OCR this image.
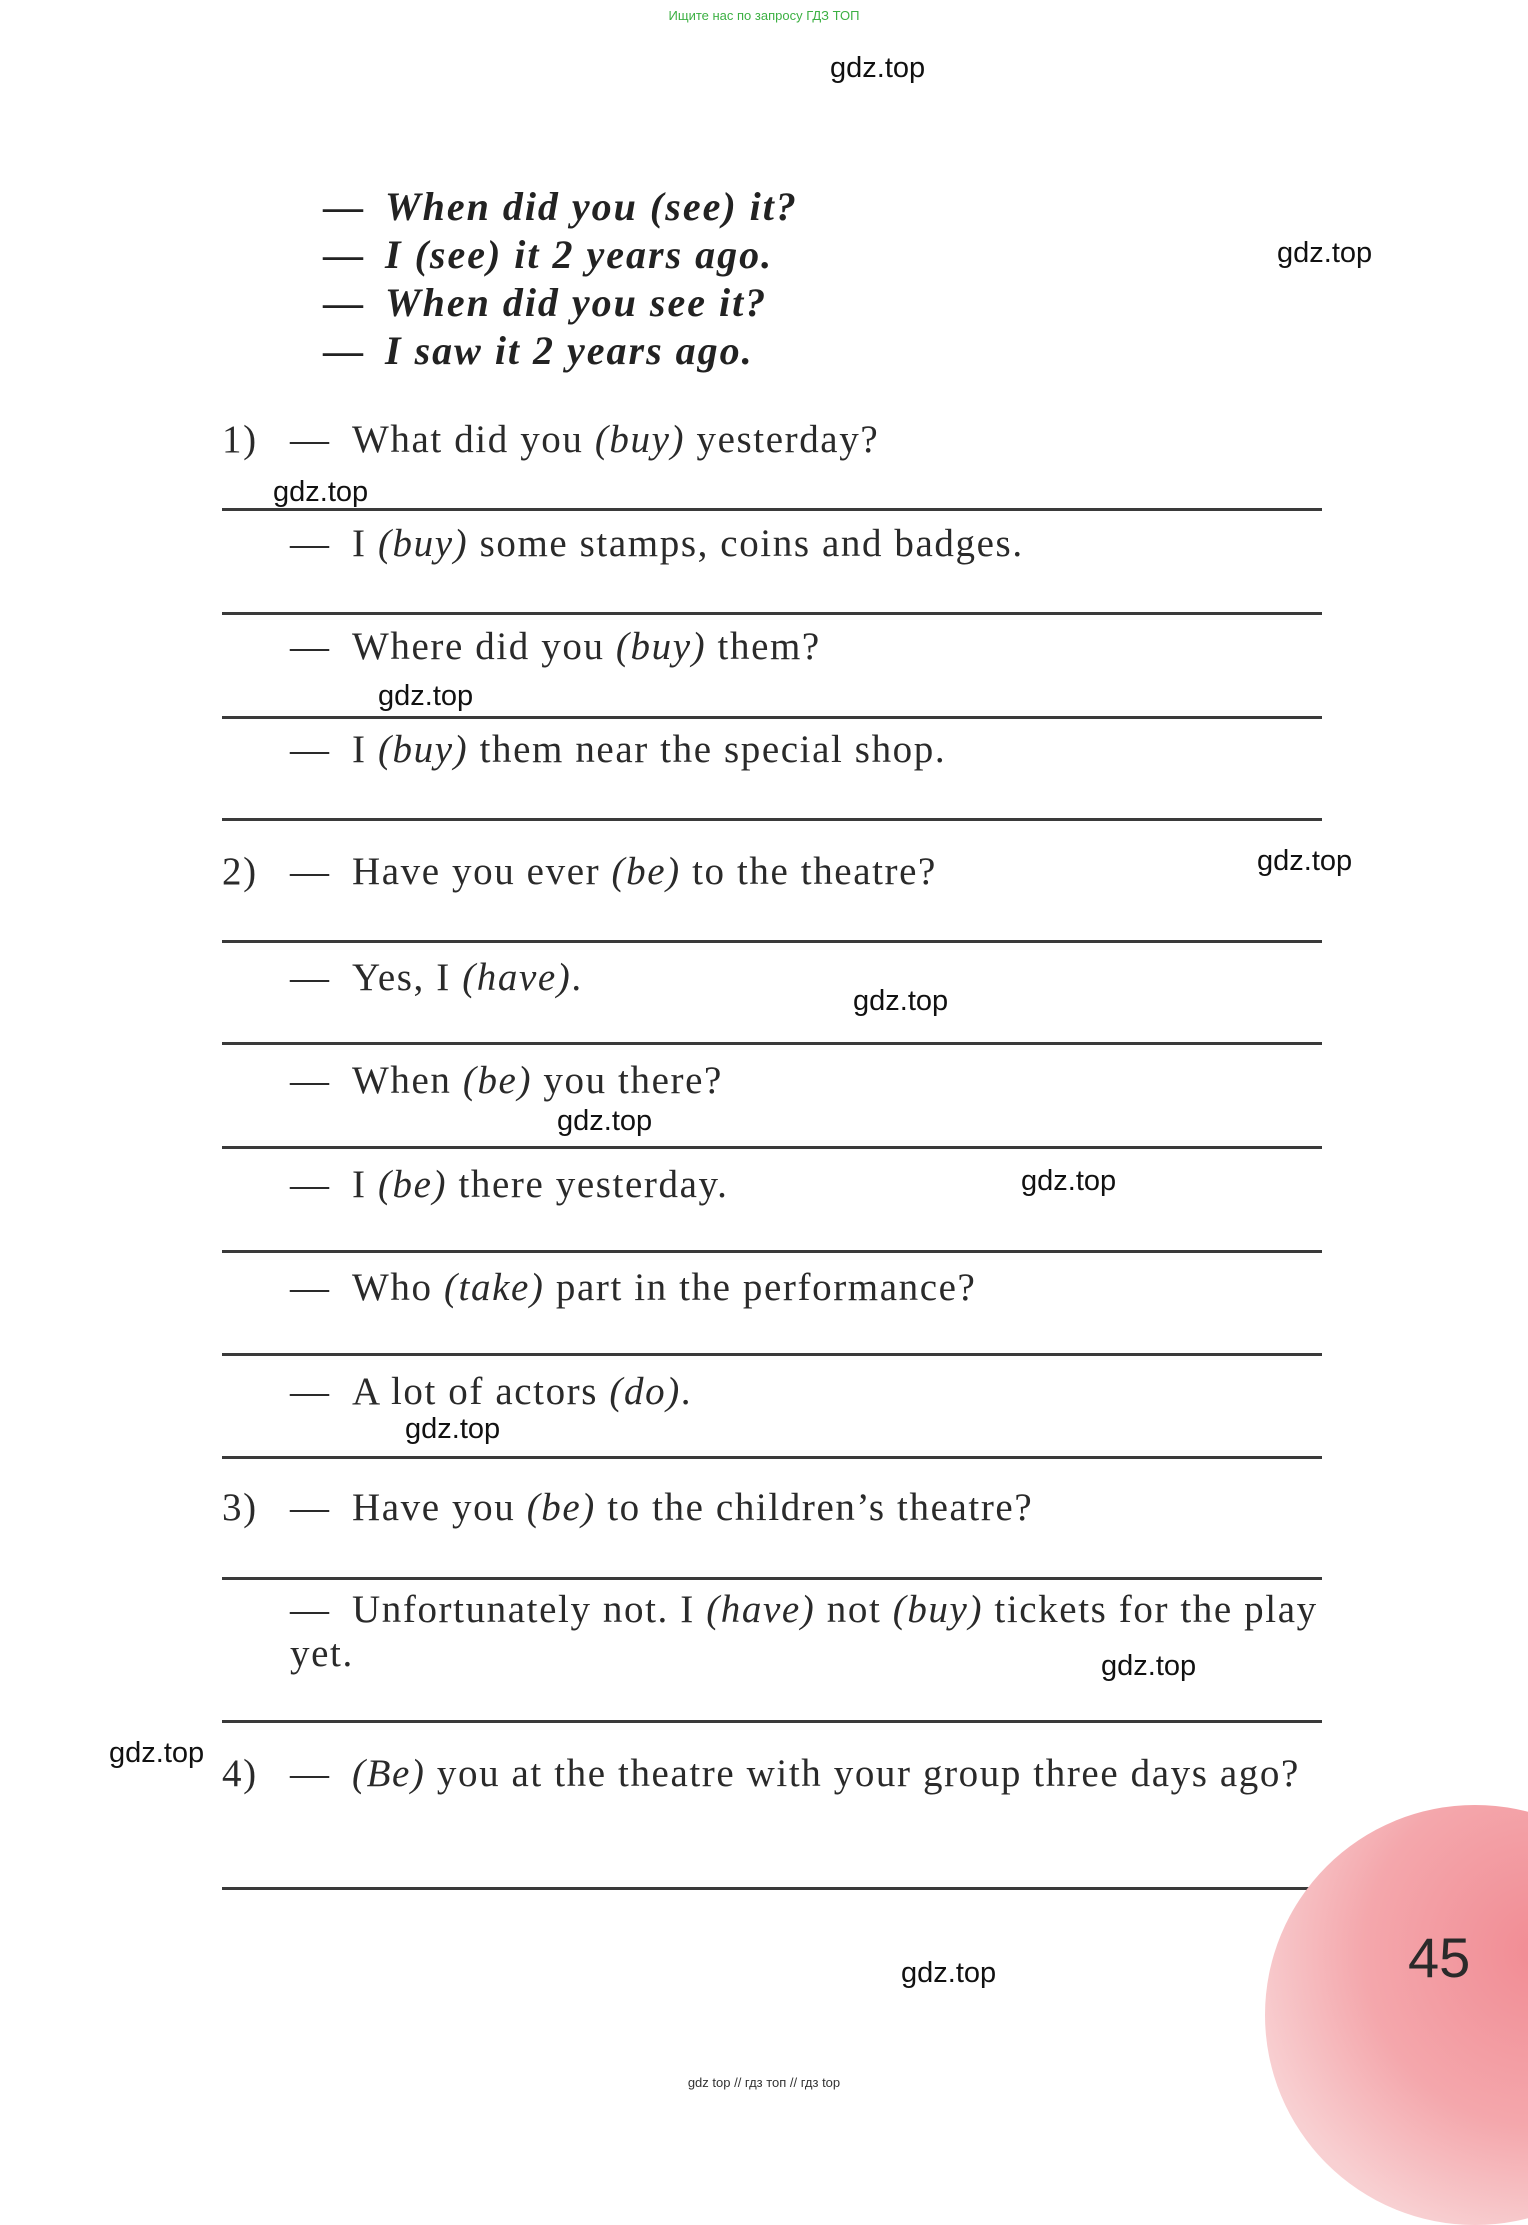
Ищите нас по запросу ГДЗ ТОП
gdz.top
gdz.top
gdz.top
gdz.top
gdz.top
gdz.top
gdz.top
gdz.top
gdz.top
gdz.top
gdz.top
gdz.top
— When did you (see) it?
— I (see) it 2 years ago.
— When did you see it?
— I saw it 2 years ago.
1) — What did you (buy) yesterday?
— I (buy) some stamps, coins and badges.
— Where did you (buy) them?
— I (buy) them near the special shop.
2) — Have you ever (be) to the theatre?
— Yes, I (have).
— When (be) you there?
— I (be) there yesterday.
— Who (take) part in the performance?
— A lot of actors (do).
3) — Have you (be) to the children’s theatre?
— Unfortunately not. I (have) not (buy) tickets for the play yet.
4) — (Be) you at the theatre with your group three days ago?
45
gdz top // гдз топ // гдз top
